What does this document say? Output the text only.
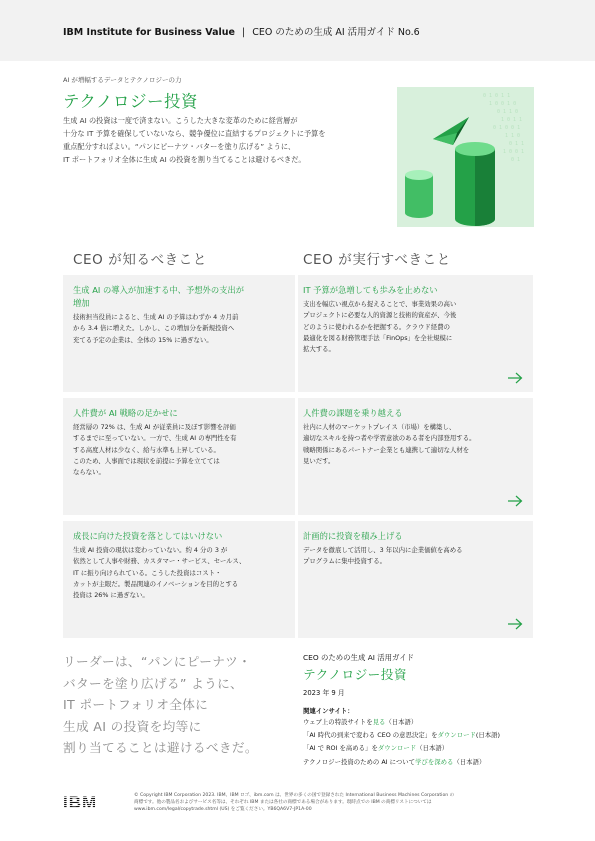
IBM Institute for Business Value | CEO のための生成 AI 活用ガイド No.6
AI が増幅するデータとテクノロジーの力
テクノロジー投資
生成 AI の投資は一度で済まない。こうした大きな変革のために経営層が
十分な IT 予算を確保していないなら、競争優位に直結するプロジェクトに予算を
重点配分すればよい。“パンにピーナツ・バターを塗り広げる” ように、
IT ポートフォリオ全体に生成 AI の投資を割り当てることは避けるべきだ。
0 1 0 1 1
1 0 0 1 0
0 1 1 0
1 0 1 1
0 1 0 0 1
1 1 0
0 1 1
1 0 0 1
0 1
CEO が知るべきこと	CEO が実行すべきこと
生成 AI の導入が加速する中、予想外の支出が
増加
技術担当役員によると、生成 AI の予算はわずか 4 カ月前
から 3.4 倍に増えた。しかし、この増加分を新規投資へ
充てる予定の企業は、全体の 15% に過ぎない。
IT 予算が急増しても歩みを止めない
支出を幅広い視点から捉えることで、事業効果の高い
プロジェクトに必要な人的資源と技術的資産が、今後
どのように使われるかを把握する。クラウド経費の
最適化を図る財務管理手法「FinOps」を全社規模に
拡大する。
人件費が AI 戦略の足かせに
経営層の 72% は、生成 AI が従業員に及ぼす影響を評価
するまでに至っていない。一方で、生成 AI の専門性を有
する高度人材は少なく、給与水準も上昇している。
このため、人事面では現状を前提に予算を立てては
ならない。
人件費の課題を乗り越える
社内に人材のマーケットプレイス（市場）を構築し、
適切なスキルを持つ者や学習意欲のある者を内部登用する。
戦略関係にあるパートナー企業とも連携して適切な人材を
見いだす。
成長に向けた投資を落としてはいけない
生成 AI 投資の現状は変わっていない。約 4 分の 3 が
依然として人事や財務、カスタマー・サービス、セールス、
IT に振り向けられている。こうした投資はコスト・
カットが主眼だ。製品関連のイノベーションを目的とする
投資は 26% に過ぎない。
計画的に投資を積み上げる
データを徹底して活用し、3 年以内に企業価値を高める
プログラムに集中投資する。
リーダーは、“パンにピーナツ・
バターを塗り広げる” ように、
IT ポートフォリオ全体に
生成 AI の投資を均等に
割り当てることは避けるべきだ。
CEO のための生成 AI 活用ガイド
テクノロジー投資
2023 年 9 月
関連インサイト：
ウェブ上の特設サイトを見る（日本語）
「AI 時代の到来で変わる CEO の意思決定」をダウンロード(日本語)
「AI で ROI を高める」をダウンロード（日本語）
テクノロジー投資のための AI について学びを深める（日本語）
IBM	© Copyright IBM Corporation 2023. IBM、IBM ロゴ、ibm.com は、世界の多くの国で登録された International Business Machines Corporation の
商標です。他の製品名およびサービス名等は、それぞれ IBM または各社の商標である場合があります。現時点での IBM の商標リストについては
www.ibm.com/legal/copytrade.shtml (US) をご覧ください。YB6QA6V7-JP1A-00
